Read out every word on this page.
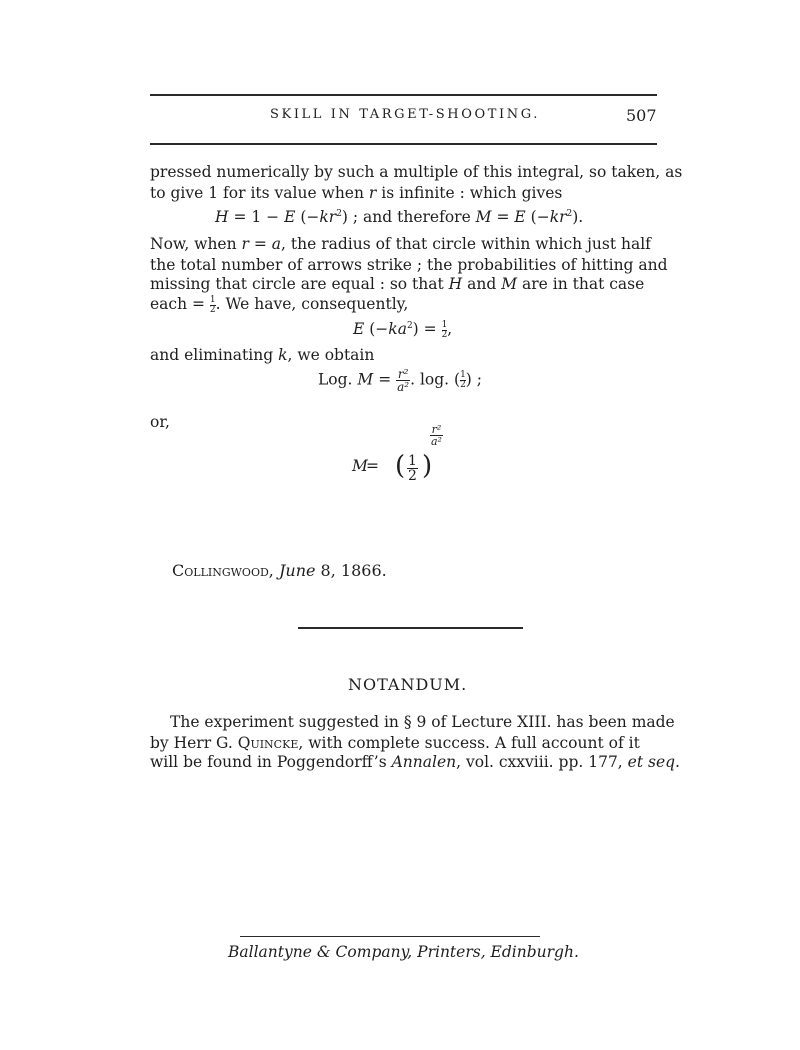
SKILL IN TARGET-SHOOTING.	507
pressed numerically by such a multiple of this integral, so taken, as
to give 1 for its value when r is infinite : which gives
H = 1 − E $(-kr^2)$ ; and therefore M = E $(-kr^2)$.
Now, when r = a, the radius of that circle within which just half
the total number of arrows strike ; the probabilities of hitting and
missing that circle are equal : so that H and M are in that case
each = $\frac{1}{2}$. We have, consequently,
E $(-ka^2) = \frac{1}{2}$,
and eliminating k, we obtain
Log. $M = \frac{\text{r²}}{\text{a²}}$ . log. ( $\frac{1}{2}$) ;
or,
M
= ( $\frac{1}{2}$ )
$\frac{\text{r²}}{\text{a²}}$
Collingwood, June 8, 1866.
NOTANDUM.
The experiment suggested in § 9 of Lecture XIII. has been made
by Herr G. Quincke, with complete success. A full account of it
will be found in Poggendorff’s Annalen, vol. cxxviii. pp. 177, et seq.
Ballantyne & Company, Printers, Edinburgh.
